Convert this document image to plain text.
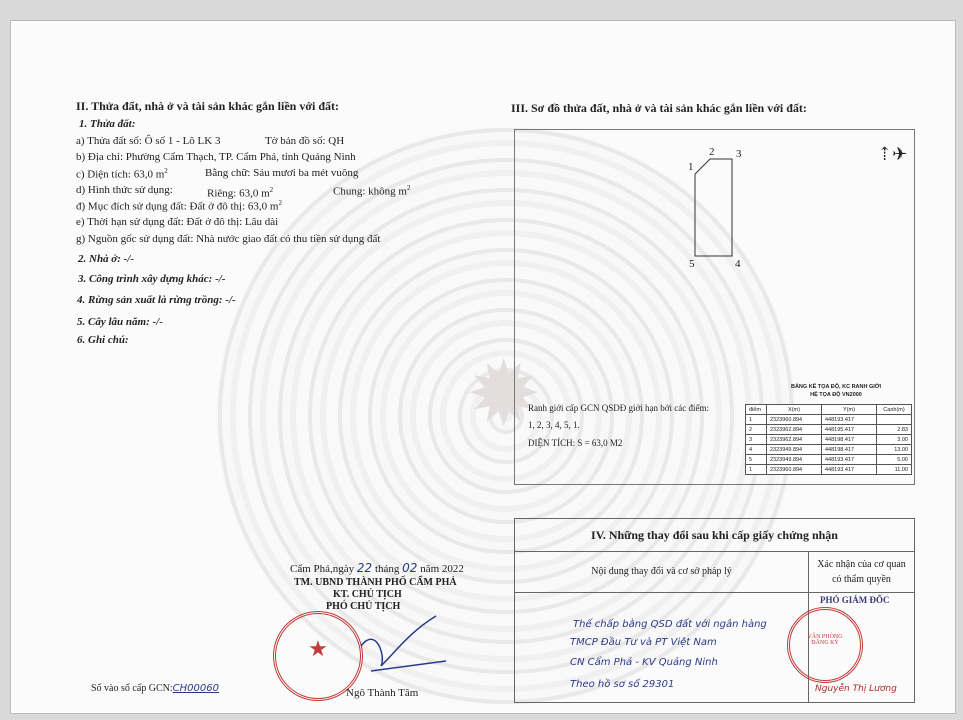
✹
II. Thửa đất, nhà ở và tài sản khác gắn liền với đất:
1. Thửa đất:
a) Thửa đất số: Ô số 1 - Lô LK 3	Tờ bản đồ số: QH
b) Địa chỉ: Phường Cẩm Thạch, TP. Cẩm Phả, tỉnh Quảng Ninh
c) Diện tích: 63,0 $m^2$	Bằng chữ: Sáu mươi ba mét vuông
d) Hình thức sử dụng:	Riêng: 63,0 $m^2$	Chung: không $m^2$
đ) Mục đích sử dụng đất: Đất ở đô thị: 63,0 $m^2$
e) Thời hạn sử dụng đất: Đất ở đô thị: Lâu dài
g) Nguồn gốc sử dụng đất: Nhà nước giao đất có thu tiền sử dụng đất
2. Nhà ở: -/-
3. Công trình xây dựng khác: -/-
4. Rừng sản xuất là rừng trồng: -/-
5. Cây lâu năm: -/-
6. Ghi chú:
III. Sơ đồ thửa đất, nhà ở và tài sản khác gắn liền với đất:
1
2 3
4
5
⇡✈
Ranh giới cấp GCN QSDĐ giới hạn bởi các điểm:
1, 2, 3, 4, 5, 1.
DIỆN TÍCH: S = 63,0 M2
BẢNG KÊ TỌA ĐỘ, KC RANH GIỚI
HỆ TỌA ĐỘ VN2000
điểm	X(m)	Y(m)	Canh(m)
1	2323960.894	448193.417	
2	2323962.894	448195.417	2.83
3	2323962.894	448198.417	3.00
4	2323949.894	448198.417	13.00
5	2323949.894	448193.417	5.00
1	2323960.894	448193.417	11.00
Cẩm Phả,ngày 22 tháng 02 năm 2022
TM. UBND THÀNH PHỐ CẨM PHẢ
KT. CHỦ TỊCH
PHÓ CHỦ TỊCH
★
Ngô Thành Tâm
Số vào số cấp GCN:CH00060
IV. Những thay đổi sau khi cấp giấy chứng nhận
Nội dung thay đổi và cơ sở pháp lý
Xác nhận của cơ quan
có thẩm quyền
Thế chấp bằng QSD đất với ngân hàng
TMCP Đầu Tư và PT Việt Nam
CN Cẩm Phả - KV Quảng Ninh
Theo hồ sơ số 29301
PHÓ GIÁM ĐỐC
VĂN PHÒNG
ĐĂNG KÝ
Nguyễn Thị Lương
